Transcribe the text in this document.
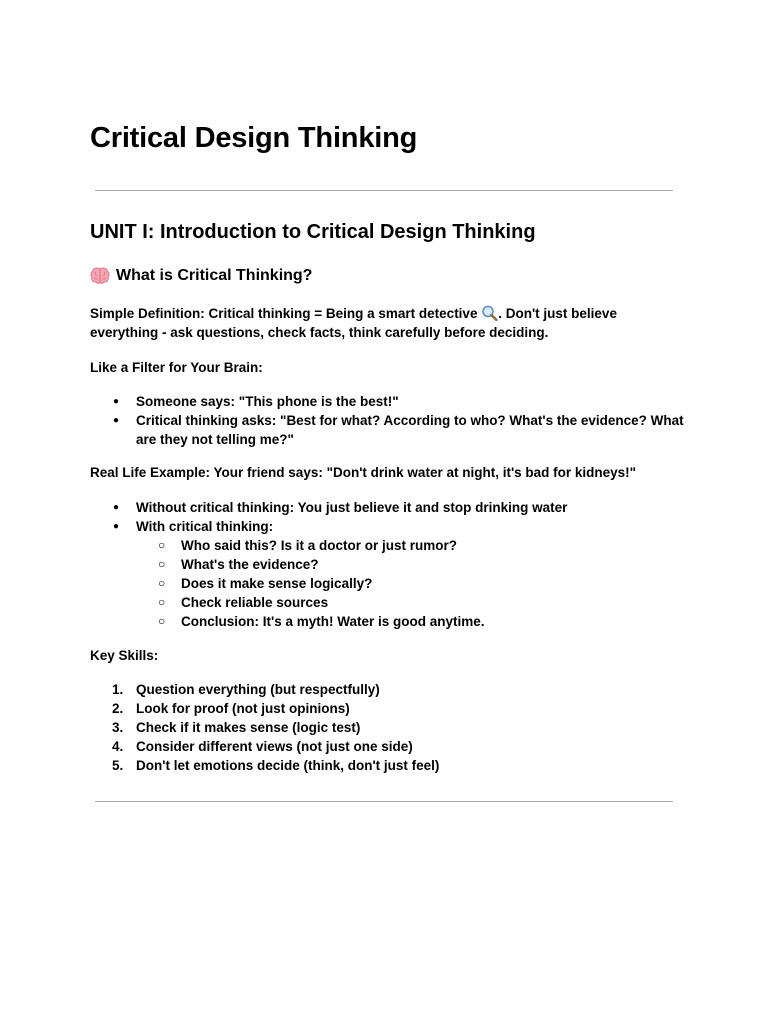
Critical Design Thinking
UNIT I: Introduction to Critical Design Thinking
What is Critical Thinking?

Simple Definition: Critical thinking = Being a smart detective . Don't just believe everything - ask questions, check facts, think carefully before deciding.

Like a Filter for Your Brain:

● Someone says: "This phone is the best!"
● Critical thinking asks: "Best for what? According to who? What's the evidence? What are they not telling me?"

Real Life Example: Your friend says: "Don't drink water at night, it's bad for kidneys!"

● Without critical thinking: You just believe it and stop drinking water
● With critical thinking:
○ Who said this? Is it a doctor or just rumor?
○ What's the evidence?
○ Does it make sense logically?
○ Check reliable sources
○ Conclusion: It's a myth! Water is good anytime.

Key Skills:

1. Question everything (but respectfully)
2. Look for proof (not just opinions)
3. Check if it makes sense (logic test)
4. Consider different views (not just one side)
5. Don't let emotions decide (think, don't just feel)
